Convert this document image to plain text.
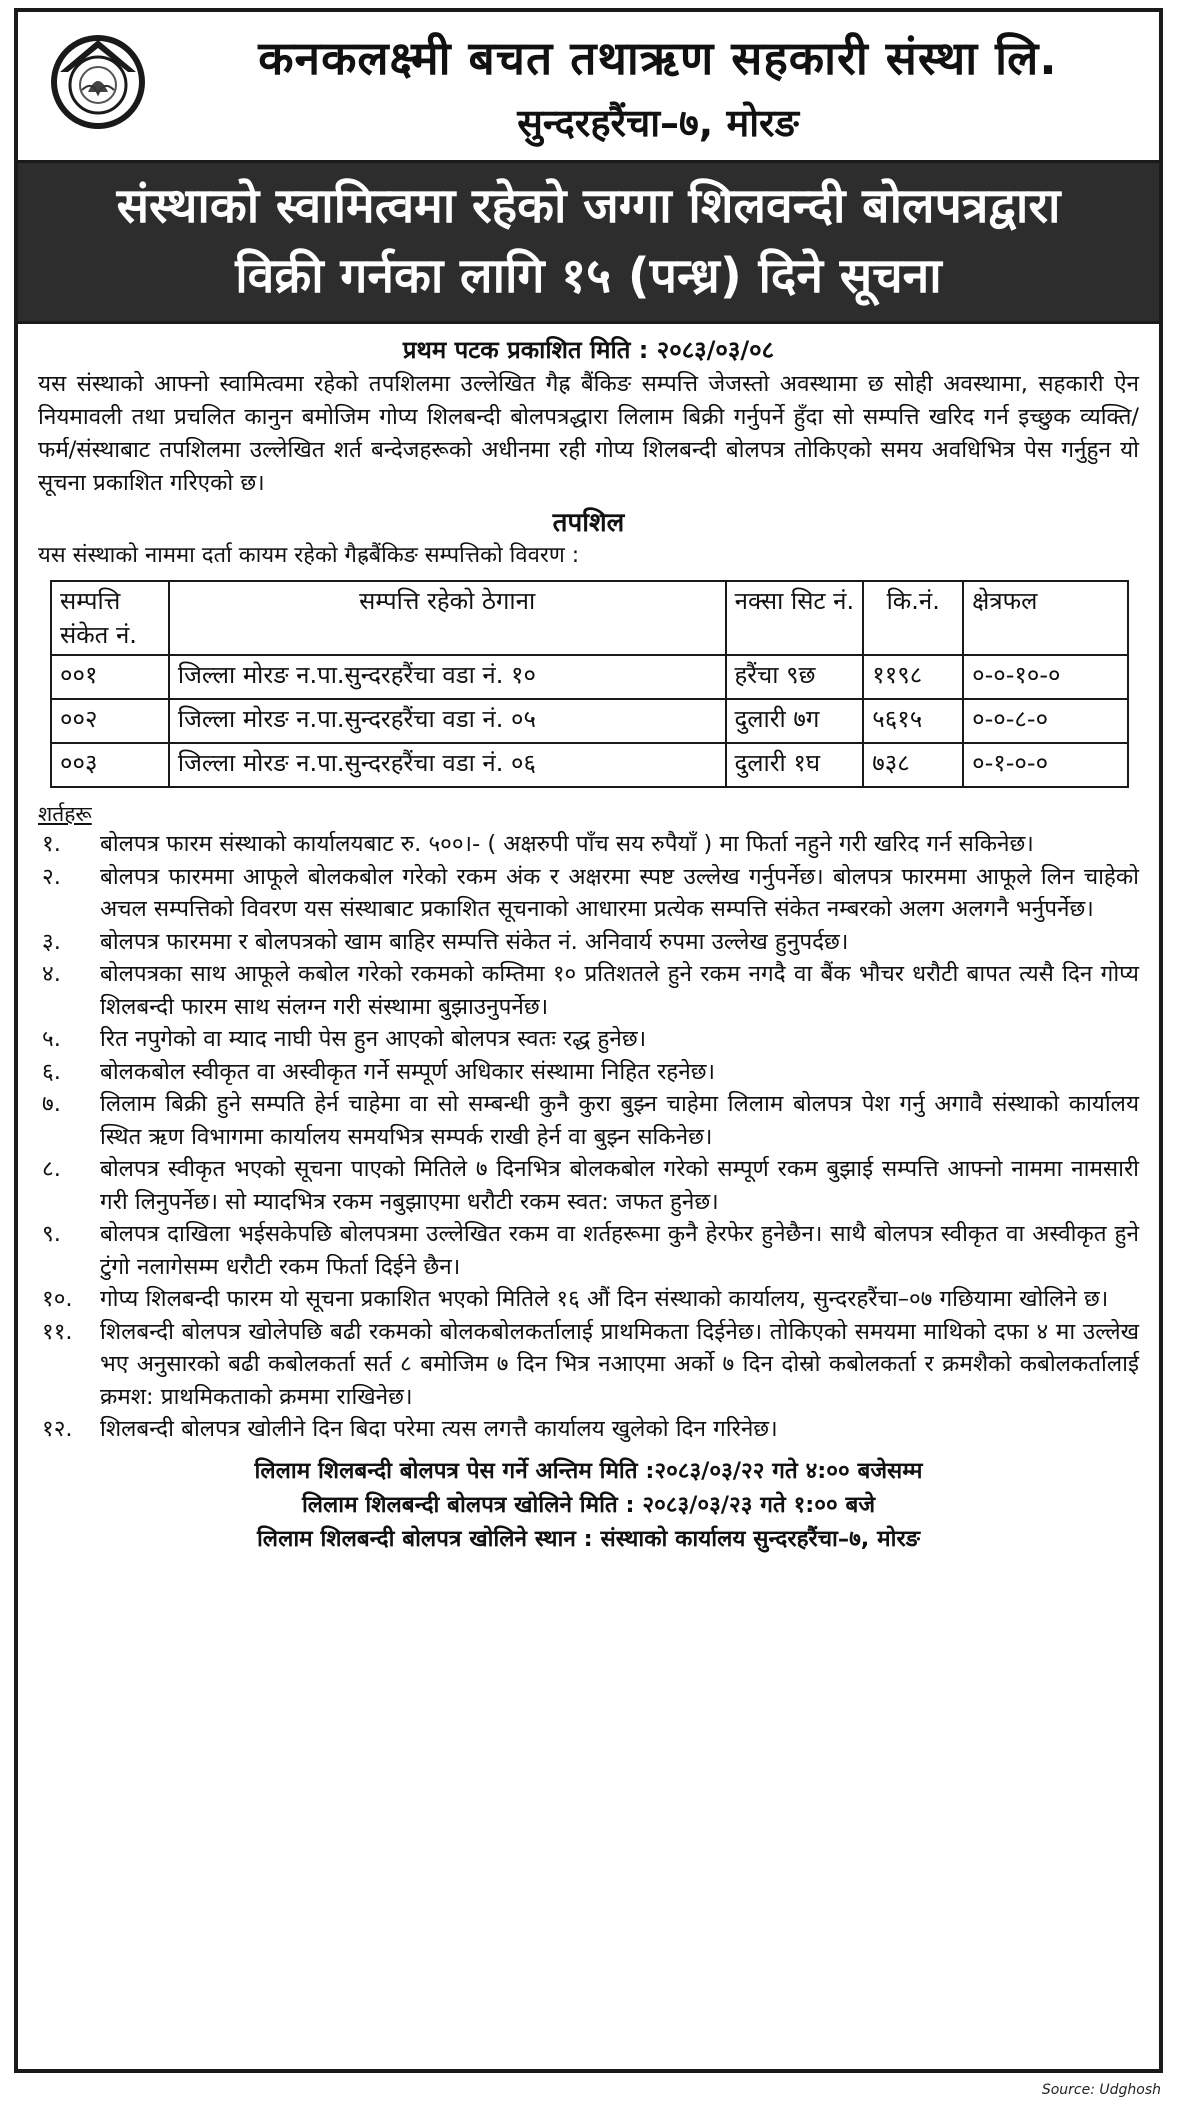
कनकलक्ष्मी बचत तथाऋण सहकारी संस्था लि.
सुन्दरहरैंचा–७, मोरङ
संस्थाको स्वामित्वमा रहेको जग्गा शिलवन्दी बोलपत्रद्वारा
विक्री गर्नका लागि १५ (पन्ध्र) दिने सूचना
प्रथम पटक प्रकाशित मिति : २०८३/०३/०८
यस संस्थाको आफ्नो स्वामित्वमा रहेको तपशिलमा उल्लेखित गैह्र बैंकिङ सम्पत्ति जेजस्तो अवस्थामा छ सोही अवस्थामा, सहकारी ऐन नियमावली तथा प्रचलित कानुन बमोजिम गोप्य शिलबन्दी बोलपत्रद्धारा लिलाम बिक्री गर्नुपर्ने हुँदा सो सम्पत्ति खरिद गर्न इच्छुक व्यक्ति/फर्म/संस्थाबाट तपशिलमा उल्लेखित शर्त बन्देजहरूको अधीनमा रही गोप्य शिलबन्दी बोलपत्र तोकिएको समय अवधिभित्र पेस गर्नुहुन यो सूचना प्रकाशित गरिएको छ।
तपशिल
यस संस्थाको नाममा दर्ता कायम रहेको गैह्रबैंकिङ सम्पत्तिको विवरण :
सम्पत्ति संकेत नं.	सम्पत्ति रहेको ठेगाना	नक्सा सिट नं.	कि.नं.	क्षेत्रफल
००१	जिल्ला मोरङ न.पा.सुन्दरहरैंचा वडा नं. १०	हरैंचा ९छ	११९८	०-०-१०-०
००२	जिल्ला मोरङ न.पा.सुन्दरहरैंचा वडा नं. ०५	दुलारी ७ग	५६१५	०-०-८-०
००३	जिल्ला मोरङ न.पा.सुन्दरहरैंचा वडा नं. ०६	दुलारी १घ	७३८	०-१-०-०
शर्तहरू
१.	बोलपत्र फारम संस्थाको कार्यालयबाट रु. ५००।- ( अक्षरुपी पाँच सय रुपैयाँ ) मा फिर्ता नहुने गरी खरिद गर्न सकिनेछ।
२.	बोलपत्र फारममा आफूले बोलकबोल गरेको रकम अंक र अक्षरमा स्पष्ट उल्लेख गर्नुपर्नेछ। बोलपत्र फारममा आफूले लिन चाहेको अचल सम्पत्तिको विवरण यस संस्थाबाट प्रकाशित सूचनाको आधारमा प्रत्येक सम्पत्ति संकेत नम्बरको अलग अलगनै भर्नुपर्नेछ।
३.	बोलपत्र फारममा र बोलपत्रको खाम बाहिर सम्पत्ति संकेत नं. अनिवार्य रुपमा उल्लेख हुनुपर्दछ।
४.	बोलपत्रका साथ आफूले कबोल गरेको रकमको कम्तिमा १० प्रतिशतले हुने रकम नगदै वा बैंक भौचर धरौटी बापत त्यसै दिन गोप्य शिलबन्दी फारम साथ संलग्न गरी संस्थामा बुझाउनुपर्नेछ।
५.	रित नपुगेको वा म्याद नाघी पेस हुन आएको बोलपत्र स्वतः रद्ध हुनेछ।
६.	बोलकबोल स्वीकृत वा अस्वीकृत गर्ने सम्पूर्ण अधिकार संस्थामा निहित रहनेछ।
७.	लिलाम बिक्री हुने सम्पति हेर्न चाहेमा वा सो सम्बन्धी कुनै कुरा बुझ्न चाहेमा लिलाम बोलपत्र पेश गर्नु अगावै संस्थाको कार्यालय स्थित ऋण विभागमा कार्यालय समयभित्र सम्पर्क राखी हेर्न वा बुझ्न सकिनेछ।
८.	बोलपत्र स्वीकृत भएको सूचना पाएको मितिले ७ दिनभित्र बोलकबोल गरेको सम्पूर्ण रकम बुझाई सम्पत्ति आफ्नो नाममा नामसारी गरी लिनुपर्नेछ। सो म्यादभित्र रकम नबुझाएमा धरौटी रकम स्वत: जफत हुनेछ।
९.	बोलपत्र दाखिला भईसकेपछि बोलपत्रमा उल्लेखित रकम वा शर्तहरूमा कुनै हेरफेर हुनेछैन। साथै बोलपत्र स्वीकृत वा अस्वीकृत हुने टुंगो नलागेसम्म धरौटी रकम फिर्ता दिईने छैन।
१०.	गोप्य शिलबन्दी फारम यो सूचना प्रकाशित भएको मितिले १६ औं दिन संस्थाको कार्यालय, सुन्दरहरैंचा–०७ गछियामा खोलिने छ।
११.	शिलबन्दी बोलपत्र खोलेपछि बढी रकमको बोलकबोलकर्तालाई प्राथमिकता दिईनेछ। तोकिएको समयमा माथिको दफा ४ मा उल्लेख भए अनुसारको बढी कबोलकर्ता सर्त ८ बमोजिम ७ दिन भित्र नआएमा अर्को ७ दिन दोस्रो कबोलकर्ता र क्रमशैको कबोलकर्तालाई क्रमश: प्राथमिकताको क्रममा राखिनेछ।
१२.	शिलबन्दी बोलपत्र खोलीने दिन बिदा परेमा त्यस लगत्तै कार्यालय खुलेको दिन गरिनेछ।
लिलाम शिलबन्दी बोलपत्र पेस गर्ने अन्तिम मिति :२०८३/०३/२२ गते ४:०० बजेसम्म
लिलाम शिलबन्दी बोलपत्र खोलिने मिति : २०८३/०३/२३ गते १:०० बजे
लिलाम शिलबन्दी बोलपत्र खोलिने स्थान : संस्थाको कार्यालय सुन्दरहरैंचा–७, मोरङ
Source: Udghosh
